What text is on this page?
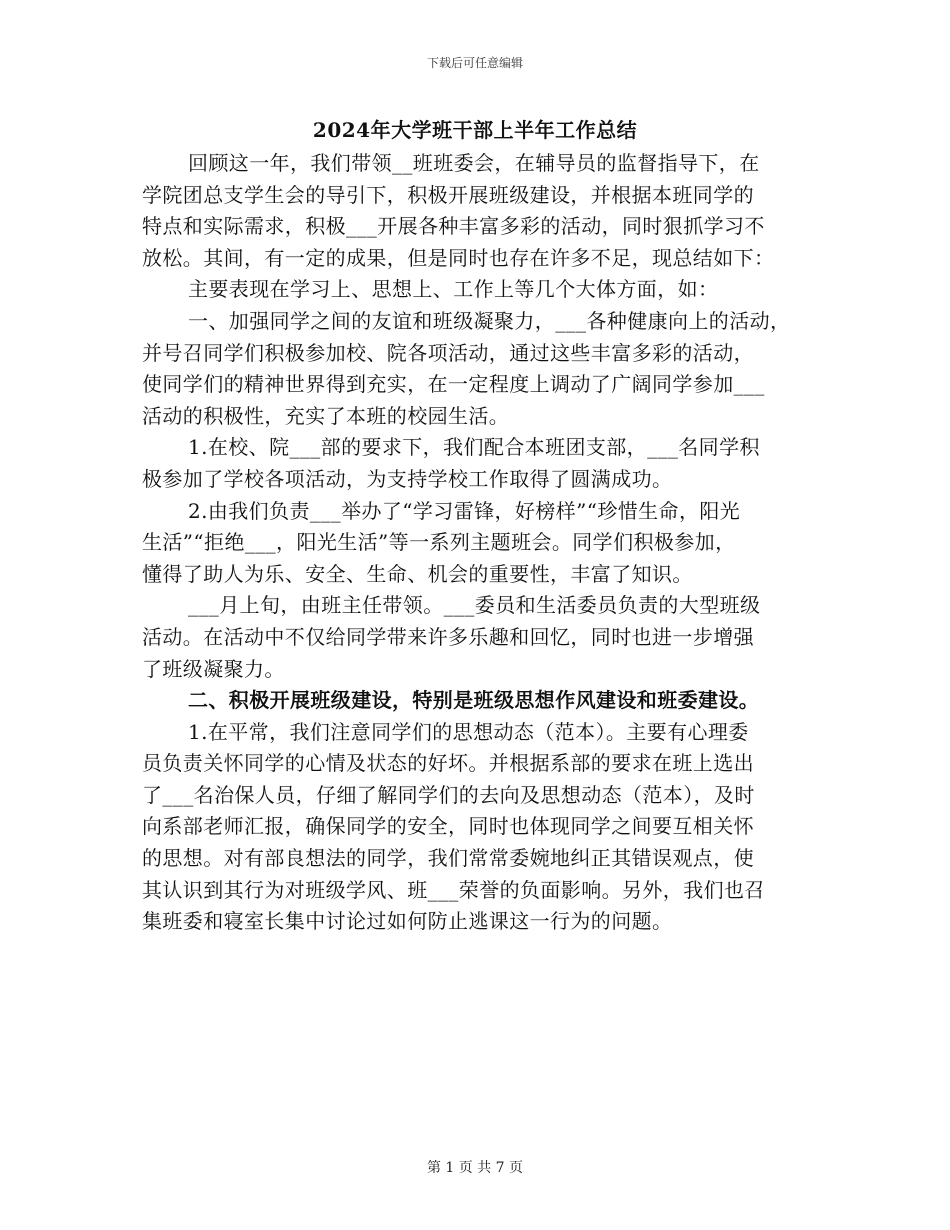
下载后可任意编辑
2024年大学班干部上半年工作总结
回顾这一年，我们带领__班班委会，在辅导员的监督指导下，在
学院团总支学生会的导引下，积极开展班级建设，并根据本班同学的
特点和实际需求，积极___开展各种丰富多彩的活动，同时狠抓学习不
放松。其间，有一定的成果，但是同时也存在许多不足，现总结如下：
主要表现在学习上、思想上、工作上等几个大体方面，如：
一、加强同学之间的友谊和班级凝聚力，___各种健康向上的活动，
并号召同学们积极参加校、院各项活动，通过这些丰富多彩的活动，
使同学们的精神世界得到充实，在一定程度上调动了广阔同学参加___
活动的积极性，充实了本班的校园生活。
1.在校、院___部的要求下，我们配合本班团支部，___名同学积
极参加了学校各项活动，为支持学校工作取得了圆满成功。
2.由我们负责___举办了“学习雷锋，好榜样”“珍惜生命，阳光
生活”“拒绝___，阳光生活”等一系列主题班会。同学们积极参加，
懂得了助人为乐、安全、生命、机会的重要性，丰富了知识。
___月上旬，由班主任带领。___委员和生活委员负责的大型班级
活动。在活动中不仅给同学带来许多乐趣和回忆，同时也进一步增强
了班级凝聚力。
二、积极开展班级建设，特别是班级思想作风建设和班委建设。
1.在平常，我们注意同学们的思想动态（范本）。主要有心理委
员负责关怀同学的心情及状态的好坏。并根据系部的要求在班上选出
了___名治保人员，仔细了解同学们的去向及思想动态（范本），及时
向系部老师汇报，确保同学的安全，同时也体现同学之间要互相关怀
的思想。对有部良想法的同学，我们常常委婉地纠正其错误观点，使
其认识到其行为对班级学风、班___荣誉的负面影响。另外，我们也召
集班委和寝室长集中讨论过如何防止逃课这一行为的问题。
第 1 页 共 7 页
